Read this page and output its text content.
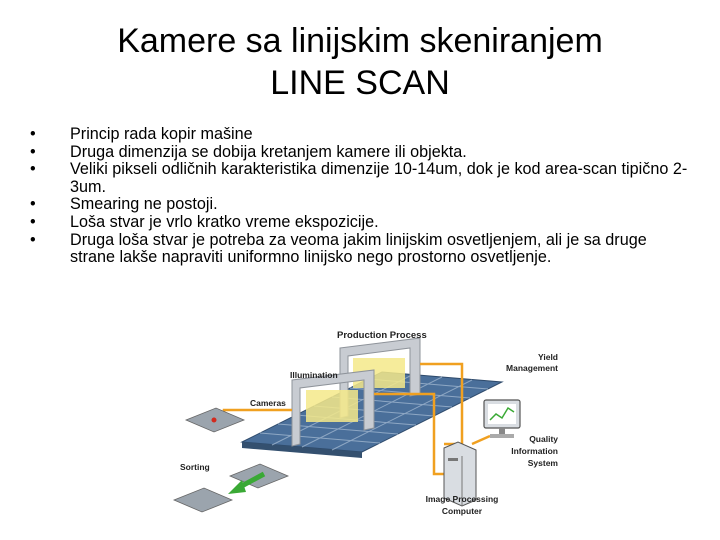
Kamere sa linijskim skeniranjem
LINE SCAN
•	Princip rada kopir mašine
•	Druga dimenzija se dobija kretanjem kamere ili objekta.
•	Veliki pikseli odličnih karakteristika dimenzije 10-14um, dok je kod area-scan tipično 2-3um.
•	Smearing ne postoji.
•	Loša stvar je vrlo kratko vreme ekspozicije.
•	Druga loša stvar je potreba za veoma jakim linijskim osvetljenjem, ali je sa druge strane lakše napraviti uniformno linijsko nego prostorno osvetljenje.
Production Process
Yield
Management
Illumination
Cameras
Quality
Information
System
Sorting
Image Processing
Computer
